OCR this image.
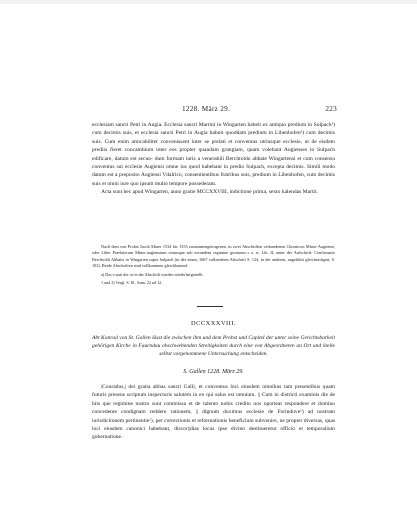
1228. März 29.	223

ecclesiam sancti Petri in Augia. Ecclesia sancti Martini in Wingarten habeit ex antiquo predium in Sulpach¹) cum decimis suis, et ecclesia sancti Petri in Augia habuit quoddam predium in Libenhofen²) cum decimis suis. Cum enim amicabiliter convenissent inter se prelati et conventus utriusque ecclesie, ut de eisdem prediis fieret concambium inter eos propter quandam grangiam, quam volebant Augienses in Sulpach edificare, datum est secun- dum formam iuris a venerabili Berchtoldo abbate Wingartensi et cum consensu conventus sui ecclesie Augiensi omne ius quod habebant in predio Sulpach, excepta decimis. Simili modo datum est a preposito Augiensi Vdalrico, consentientibus fratribus suis, predium in Libenhofen, cum decimis suis et omni iure quo ipsum multo tempore possederant.

Acta sunt hec apud Wingarten, anno gratie MCCXXVIII, indictione prima, sexto kalendas Martii.

Nach dem von Probst Jacob Marer 1534 bis 1553 zusammengetragenen, in zwei Abschriften verhandenen Chronicon Minor-Augiense, oder Liber Praelatorum Minor-augiensium rerumque sub eorundem regimine gestarum s a. w. Lib. II, unter der Aufschrift: Confirmatio Berchtoldi Abbatis in Wingarten super Sulpach (in der einen, 1667 vollendeten Abschrift S. 124, in der anderen, angeführt gleichzeitigen, S. 102). Beide Abschriften sind vollkommen gleichlautend.

a) Das e statt der oe in der Abschrift wurden wiederhergestellt.

1 und 2) Vergl. S. 81, Anm. 22 ud 12.

DCCXXXVIII.

Abt Konrad von St. Gallen lässt die zwischen ihm und dem Probst und Capitel der unter seine Gerichtsbarkeit gehörigen Kirche in Faurndau obschwebenden Streitigkeiten durch eine von Abgeordneten an Ort und Stelle selbst vorgenommene Untersuchung entscheiden.

S. Gallen 1228. März 29.

|Conradus,| dei gratia abbas sancti Galli, et conventus loci eiusdem omnibus tam presentibus quam futuris presens scriptum inspecturis salutem in eo qui salus est omnium. || Cum in districti examinis die de hiis que regimine nostro sunt commissa et de talento nobis credito nos oporteat respondere et domino concedente condignam reddere rationem, || dignum duximus ecclesie de Forinduve¹) ad nostram iurisdictionem pertinentie¹), per correctionis et reformationis beneficium subvenire, ne propter diversas, quas loci eiusdem canonici habebant, discor||dias locus ipse divino destitueretur officio et temporalium gubernatione.
